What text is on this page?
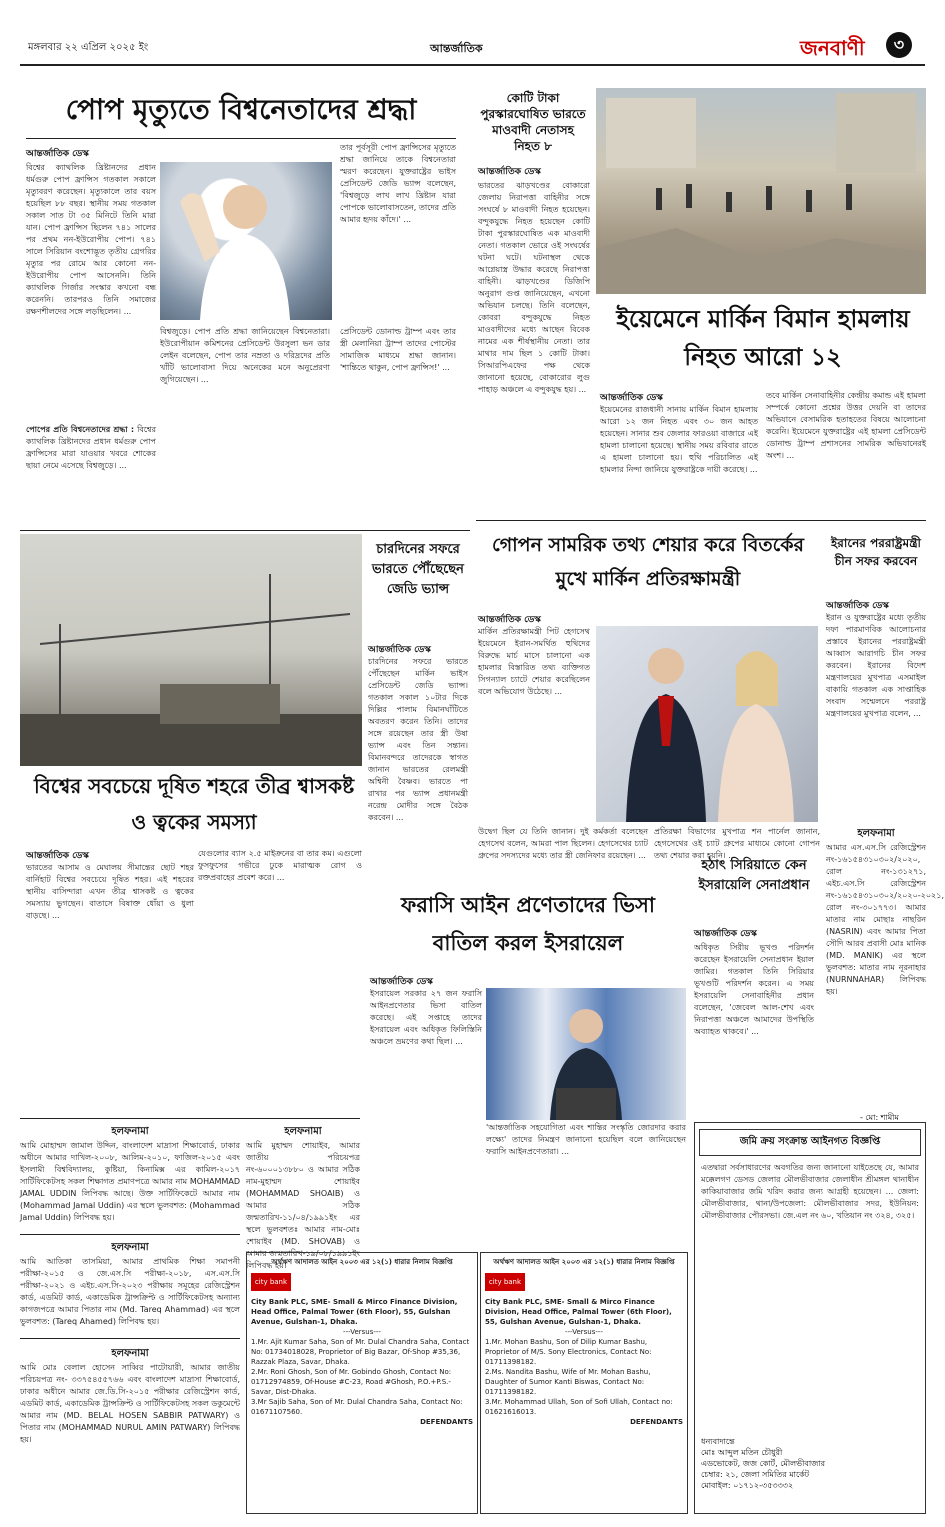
মঙ্গলবার ২২ এপ্রিল ২০২৫ ইং	আন্তর্জাতিক	জনবাণী	৩
পোপ মৃত্যুতে বিশ্বনেতাদের শ্রদ্ধা
আন্তর্জাতিক ডেস্ক
বিশ্বের ক্যাথলিক খ্রিষ্টানদের প্রধান ধর্মগুরু পোপ ফ্রান্সিস গতকাল সকালে মৃত্যুবরণ করেছেন। মৃত্যুকালে তার বয়স হয়েছিল ৮৮ বছর। স্থানীয় সময় গতকাল সকাল সাত টা ৩৫ মিনিটে তিনি মারা যান। পোপ ফ্রান্সিস ছিলেন ৭৪১ সালের পর প্রথম নন-ইউরোপীয় পোপ। ৭৪১ সালে সিরিয়ান বংশোদ্ভূত তৃতীয় গ্রেগরির মৃত্যুর পর রোমে আর কোনো নন-ইউরোপীয় পোপ আসেননি। তিনি ক্যাথলিক গির্জার সংস্কার কখনো বন্ধ করেননি। তারপরও তিনি সমাজের রক্ষণশীলদের সঙ্গে লড়ছিলেন। ...
তার পূর্বসূরী পোপ ফ্রান্সিসের মৃত্যুতে শ্রদ্ধা জানিয়ে তাকে বিশ্বনেতারা স্মরণ করেছেন। যুক্তরাষ্ট্রের ভাইস প্রেসিডেন্ট জেডি ভ্যান্স বলেছেন, 'বিশ্বজুড়ে লাখ লাখ খ্রিষ্টান যারা পোপকে ভালোবাসতেন, তাদের প্রতি আমার হৃদয় কাঁদে।' ...
বিশ্বজুড়ে। পোপ প্রতি শ্রদ্ধা জানিয়েছেন বিশ্বনেতারা। ইউরোপীয়ান কমিশনের প্রেসিডেন্ট উরসুলা ভন ডার লেইন বলেছেন, পোপ তার নম্রতা ও দরিদ্রদের প্রতি খাঁটি ভালোবাসা দিয়ে অনেকের মনে অনুপ্রেরণা জুগিয়েছেন। ...
প্রেসিডেন্ট ডোনাল্ড ট্রাম্প এবং তার স্ত্রী মেলানিয়া ট্রাম্প তাদের পোস্টের সামাজিক মাধ্যমে শ্রদ্ধা জানান। 'শান্তিতে থাকুন, পোপ ফ্রান্সিস!' ...
পোপের প্রতি বিশ্বনেতাদের শ্রদ্ধা : বিশ্বের ক্যাথলিক খ্রিষ্টানদের প্রধান ধর্মগুরু পোপ ফ্রান্সিসের মারা যাওয়ার খবরে শোকের ছায়া নেমে এসেছে বিশ্বজুড়ে। ...
কোটি টাকা পুরস্কারঘোষিত ভারতে মাওবাদী নেতাসহ নিহত ৮
আন্তর্জাতিক ডেস্ক
ভারতের ঝাড়খণ্ডের বোকারো জেলায় নিরাপত্তা বাহিনীর সঙ্গে সংঘর্ষে ৮ মাওবাদী নিহত হয়েছেন। বন্দুকযুদ্ধে নিহত হয়েছেন কোটি টাকা পুরস্কারঘোষিত এক মাওবাদী নেতা। গতকাল ভোরে ওই সংঘর্ষের ঘটনা ঘটে। ঘটনাস্থল থেকে আগ্নেয়াস্ত্র উদ্ধার করেছে নিরাপত্তা বাহিনী। ঝাড়খণ্ডের ডিজিপি অনুরাগ গুপ্ত জানিয়েছেন, এখনো অভিযান চলছে। তিনি বলেছেন, কোবরা বন্দুকযুদ্ধে নিহত মাওবাদীদের মধ্যে আছেন বিবেক নামের এক শীর্ষস্থানীয় নেতা। তার মাথার দাম ছিল ১ কোটি টাকা। সিআরপিএফের পক্ষ থেকে জানানো হয়েছে, বোকারোর লুগু পাহাড় অঞ্চলে এ বন্দুকযুদ্ধ হয়। ...
ইয়েমেনে মার্কিন বিমান হামলায় নিহত আরো ১২
আন্তর্জাতিক ডেস্ক
ইয়েমেনের রাজধানী সানায় মার্কিন বিমান হামলায় আরো ১২ জন নিহত এবং ৩০ জন আহত হয়েছেন। সানার শুব জেলার ফারওয়া বাজারে এই হামলা চালানো হয়েছে। স্থানীয় সময় রবিবার রাতে এ হামলা চালানো হয়। হুথি পরিচালিত এই হামলার নিন্দা জানিয়ে যুক্তরাষ্ট্রকে দায়ী করেছে। ...
তবে মার্কিন সেনাবাহিনীর কেন্দ্রীয় কমান্ড এই হামলা সম্পর্কে কোনো প্রশ্নের উত্তর দেয়নি বা তাদের অভিযানে বেসামরিক হতাহতের বিষয়ে আলোচনা করেনি। ইয়েমেনে যুক্তরাষ্ট্রের এই হামলা প্রেসিডেন্ট ডোনাল্ড ট্রাম্প প্রশাসনের সামরিক অভিযানেরই অংশ। ...
চারদিনের সফরে ভারতে পৌঁছেছেন জেডি ভ্যান্স
আন্তর্জাতিক ডেস্ক
চারদিনের সফরে ভারতে পৌঁছেছেন মার্কিন ভাইস প্রেসিডেন্ট জেডি ভ্যান্স। গতকাল সকাল ১০টার দিকে দিল্লির পালাম বিমানঘাঁটিতে অবতরণ করেন তিনি। তাদের সঙ্গে রয়েছেন তার স্ত্রী উষা ভ্যান্স এবং তিন সন্তান। বিমানবন্দরে তাদেরকে স্বাগত জানান ভারতের রেলমন্ত্রী অশ্বিনী বৈষ্ণব। ভারতে পা রাখার পর ভ্যান্স প্রধানমন্ত্রী নরেন্দ্র মোদীর সঙ্গে বৈঠক করবেন। ...
গোপন সামরিক তথ্য শেয়ার করে বিতর্কের মুখে মার্কিন প্রতিরক্ষামন্ত্রী
আন্তর্জাতিক ডেস্ক
মার্কিন প্রতিরক্ষামন্ত্রী পিট হেগসেথ ইয়েমেনে ইরান-সমর্থিত হুথিদের বিরুদ্ধে মার্চ মাসে চালানো এক হামলার বিস্তারিত তথ্য ব্যক্তিগত সিগন্যাল চ্যাটে শেয়ার করেছিলেন বলে অভিযোগ উঠেছে। ...
উদ্বেগ ছিল যে তিনি জানান। দুই কর্মকর্তা বলেছেন হেগসেথ বলেন, আমরা পাল ছিলেন। হেগসেথের চ্যাট গ্রুপের সদস্যদের মধ্যে তার স্ত্রী জেনিফার রয়েছেন। ...
প্রতিরক্ষা বিভাগের মুখপাত্র শন পার্নেল জানান, হেগসেথের ওই চ্যাট গ্রুপের মাধ্যমে কোনো গোপন তথ্য শেয়ার করা হয়নি। ...
ইরানের পররাষ্ট্রমন্ত্রী চীন সফর করবেন
আন্তর্জাতিক ডেস্ক
ইরান ও যুক্তরাষ্ট্রের মধ্যে তৃতীয় দফা পারমাণবিক আলোচনার প্রস্তাবে ইরানের পররাষ্ট্রমন্ত্রী আব্বাস আরাগচি চীন সফর করবেন। ইরানের বিদেশ মন্ত্রণালয়ের মুখপাত্র এসমাইল বাকায়ি গতকাল এক সাপ্তাহিক সংবাদ সম্মেলনে পররাষ্ট্র মন্ত্রণালয়ের মুখপাত্র বলেন, ...
বিশ্বের সবচেয়ে দূষিত শহরে তীব্র শ্বাসকষ্ট ও ত্বকের সমস্যা
আন্তর্জাতিক ডেস্ক
ভারতের আসাম ও মেঘালয় সীমান্তের ছোট শহর বার্নিহাট বিশ্বের সবচেয়ে দূষিত শহর। এই শহরের স্থানীয় বাসিন্দারা এখন তীব্র শ্বাসকষ্ট ও ত্বকের সমস্যায় ভুগছেন। বাতাসে বিষাক্ত ধোঁয়া ও ধুলা বাড়ছে। ...
যেগুলোর ব্যাস ২.৫ মাইক্রনের বা তার কম। এগুলো ফুসফুসের গভীরে ঢুকে মারাত্মক রোগ ও রক্তপ্রবাহের প্রবেশ করে। ...
হঠাৎ সিরিয়াতে কেন ইসরায়েলি সেনাপ্রধান
আন্তর্জাতিক ডেস্ক
অধিকৃত সিরীয় ভূখণ্ড পরিদর্শন করেছেন ইসরায়েলি সেনাপ্রধান ইয়াল জামির। গতকাল তিনি সিরিয়ার ভূখণ্ডটি পরিদর্শন করেন। এ সময় ইসরায়েলি সেনাবাহিনীর প্রধান বলেছেন, 'জেবেল আল-শেখ এবং নিরাপত্তা অঞ্চলে আমাদের উপস্থিতি অব্যাহত থাকবে।' ...
- মো: শামীম
হলফনামা
আমার এস.এস.সি রেজিস্ট্রেশন নং-১৬১৫৪৩১০৩০২/২০২০, রোল নং-১৩১২৭১, এইচ.এস.সি রেজিস্ট্রেশন নং-১৬১৫৪৩১০৩০২/২০২০-২০২১, রোল নং-৩০১৭৭৩। আমার মাতার নাম মোছাঃ নাছরিন (NASRIN) এবং আমার পিতা সৌদি আরব প্রবাসী মোঃ মানিক (MD. MANIK) এর স্থলে ভুলবশত: মাতার নাম নূরনাহার (NURNNAHAR) লিপিবদ্ধ হয়।
ফরাসি আইন প্রণেতাদের ভিসা বাতিল করল ইসরায়েল
আন্তর্জাতিক ডেস্ক
ইসরায়েল সরকার ২৭ জন ফরাসি আইনপ্রণেতার ভিসা বাতিল করেছে। এই সপ্তাহে তাদের ইসরায়েল এবং অধিকৃত ফিলিস্তিনি অঞ্চলে ভ্রমণের কথা ছিল। ...
'আন্তর্জাতিক সহযোগিতা এবং শান্তির সংস্কৃতি জোরদার করার লক্ষ্যে' তাদের নিমন্ত্রণ জানানো হয়েছিল বলে জানিয়েছেন ফরাসি আইনপ্রণেতারা। ...
হলফনামা
আমি মোহাম্মদ জামাল উদ্দিন, বাংলাদেশ মাদ্রাসা শিক্ষাবোর্ড, ঢাকার অধীনে আমার দাখিল-২০০৮, আলিম-২০১০, ফাজিল-২০১৫ এবং ইসলামী বিশ্ববিদ্যালয়, কুষ্টিয়া, কিনামিক্স এর কামিল-২০১৭ সার্টিফিকেটসহ সকল শিক্ষাগত প্রমাণপত্রে আমার নাম MOHAMMAD JAMAL UDDIN লিপিবদ্ধ আছে। উক্ত সার্টিফিকেটে আমার নাম (Mohammad Jamal Uddin) এর স্থলে ভুলবশত: (Mohammad Jamal Uddin) লিপিবদ্ধ হয়।
হলফনামা
আমি আতিকা তাসমিয়া, আমার প্রাথমিক শিক্ষা সমাপনী পরীক্ষা-২০১৫ ও জে.এস.সি পরীক্ষা-২০১৮, এস.এস.সি পরীক্ষা-২০২১ ও এইচ.এস.সি-২০২৩ পরীক্ষায় সমূহের রেজিস্ট্রেশন কার্ড, এডমিট কার্ড, একাডেমিক ট্রান্সক্রিপ্ট ও সার্টিফিকেটসহ অন্যান্য কাগজপত্রে আমার পিতার নাম (Md. Tareq Ahammad) এর স্থলে ভুলবশত: (Tareq Ahamed) লিপিবদ্ধ হয়।
হলফনামা
আমি মোঃ বেলাল হোসেন সাব্বির পাটোয়ারী, আমার জাতীয় পরিচয়পত্র নং- ৩৩৭৫৪৫৫৭৬৬ এবং বাংলাদেশ মাদ্রাসা শিক্ষাবোর্ড, ঢাকার অধীনে আমার জে.ডি.সি-২০১৫ পরীক্ষার রেজিস্ট্রেশন কার্ড, এডমিট কার্ড, একাডেমিক ট্রান্সক্রিপ্ট ও সার্টিফিকেটসহ সকল ডকুমেন্টে আমার নাম (MD. BELAL HOSEN SABBIR PATWARY) ও পিতার নাম (MOHAMMAD NURUL AMIN PATWARY) লিপিবদ্ধ হয়।
হলফনামা
আমি মুহাম্মদ শোয়াইব, আমার জাতীয় পরিচয়পত্র নং-৬০০০১৩৮৮০ ও আমার সঠিক নাম-মুহাম্মদ শোয়াইব (MOHAMMAD SHOAIB) ও আমার সঠিক জন্মতারিখ-১১/০৪/১৯৯১ইং এর স্থলে ভুলবশতঃ আমার নাম-মোঃ শোয়াইব (MD. SHOVAB) ও আমার জন্মতারিখ-১৯/০৮/১৯৯১ইং লিপিবদ্ধ হয়।
অর্থঋণ আদালত আইন ২০০৩ এর ১২(১) ধারার নিলাম বিজ্ঞপ্তি
city bank
City Bank PLC, SME- Small & Mirco Finance Division, Head Office, Palmal Tower (6th Floor), 55, Gulshan Avenue, Gulshan-1, Dhaka.
---Versus---
1.Mr. Ajit Kumar Saha, Son of Mr. Dulal Chandra Saha, Contact No: 01734018028, Proprietor of Big Bazar, Of-Shop #35,36, Razzak Plaza, Savar, Dhaka.
2.Mr. Roni Ghosh, Son of Mr. Gobindo Ghosh, Contact No: 01712974859, Of-House #C-23, Road #Ghosh, P.O.+P.S.-Savar, Dist-Dhaka.
3.Mr Sajib Saha, Son of Mr. Dulal Chandra Saha, Contact No: 01671107560.
DEFENDANTS
অর্থঋণ আদালত আইন ২০০৩ এর ১২(১) ধারার নিলাম বিজ্ঞপ্তি
city bank
City Bank PLC, SME- Small & Mirco Finance Division, Head Office, Palmal Tower (6th Floor), 55, Gulshan Avenue, Gulshan-1, Dhaka.
---Versus---
1.Mr. Mohan Bashu, Son of Dilip Kumar Bashu, Proprietor of M/S. Sony Electronics, Contact No: 01711398182.
2.Ms. Nandita Bashu, Wife of Mr. Mohan Bashu, Daughter of Sumor Kanti Biswas, Contact No: 01711398182.
3.Mr. Mohammad Ullah, Son of Sofi Ullah, Contact no: 01621616013.
DEFENDANTS
জমি ক্রয় সংক্রান্ত আইনগত বিজ্ঞপ্তি
এতদ্বারা সর্বসাধারণের অবগতির জন্য জানানো যাইতেছে যে, আমার মক্কেলগণ ডেসড জেলার মৌলভীবাজার জেলাধীন শ্রীমঙ্গল থানাধীন কাকিয়াবাজার জমি খরিদ করার জন্য আগ্রহী হয়েছেন। ... জেলা: মৌলভীবাজার, থানা/উপজেলা: মৌলভীবাজার সদর, ইউনিয়ন: মৌলভীবাজার পৌরসভা। জে.এল নং ৬০, খতিয়ান নং ৩২৪, ৩২৫।
ধন্যবাদান্তে
মোঃ আব্দুল মতিন চৌধুরী
এডভোকেট, জজ কোর্ট, মৌলভীবাজার
চেম্বার: ২১, জেলা সমিতির মার্কেট
মোবাইল: ০১৭১২-৩৫৩৩৩২
